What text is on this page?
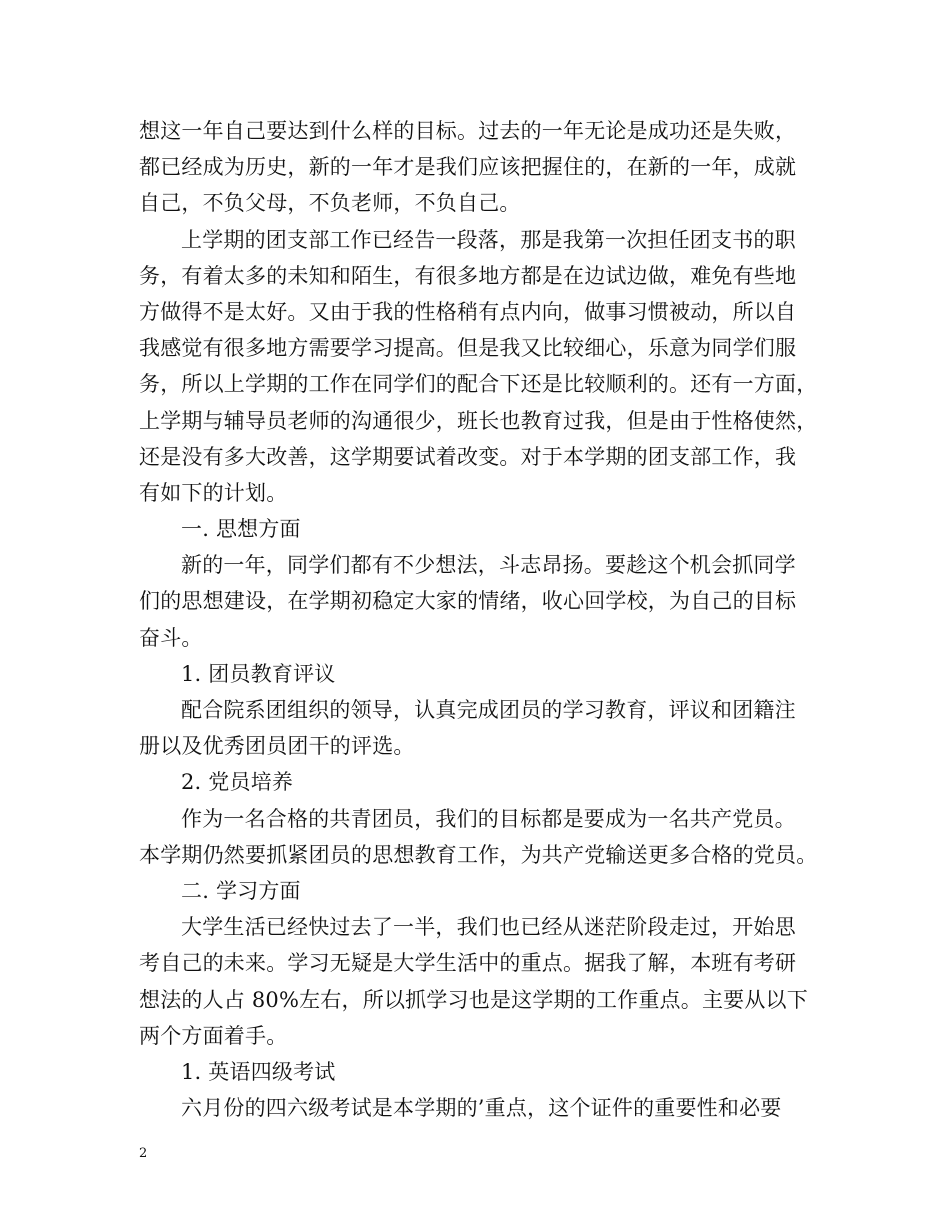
想这一年自己要达到什么样的目标。过去的一年无论是成功还是失败，
都已经成为历史，新的一年才是我们应该把握住的，在新的一年，成就
自己，不负父母，不负老师，不负自己。
上学期的团支部工作已经告一段落，那是我第一次担任团支书的职
务，有着太多的未知和陌生，有很多地方都是在边试边做，难免有些地
方做得不是太好。又由于我的性格稍有点内向，做事习惯被动，所以自
我感觉有很多地方需要学习提高。但是我又比较细心，乐意为同学们服
务，所以上学期的工作在同学们的配合下还是比较顺利的。还有一方面，
上学期与辅导员老师的沟通很少，班长也教育过我，但是由于性格使然，
还是没有多大改善，这学期要试着改变。对于本学期的团支部工作，我
有如下的计划。
一. 思想方面
新的一年，同学们都有不少想法，斗志昂扬。要趁这个机会抓同学
们的思想建设，在学期初稳定大家的情绪，收心回学校，为自己的目标
奋斗。
1. 团员教育评议
配合院系团组织的领导，认真完成团员的学习教育，评议和团籍注
册以及优秀团员团干的评选。
2. 党员培养
作为一名合格的共青团员，我们的目标都是要成为一名共产党员。
本学期仍然要抓紧团员的思想教育工作，为共产党输送更多合格的党员。
二. 学习方面
大学生活已经快过去了一半，我们也已经从迷茫阶段走过，开始思
考自己的未来。学习无疑是大学生活中的重点。据我了解，本班有考研
想法的人占 80%左右，所以抓学习也是这学期的工作重点。主要从以下
两个方面着手。
1. 英语四级考试
六月份的四六级考试是本学期的’重点，这个证件的重要性和必要
2
